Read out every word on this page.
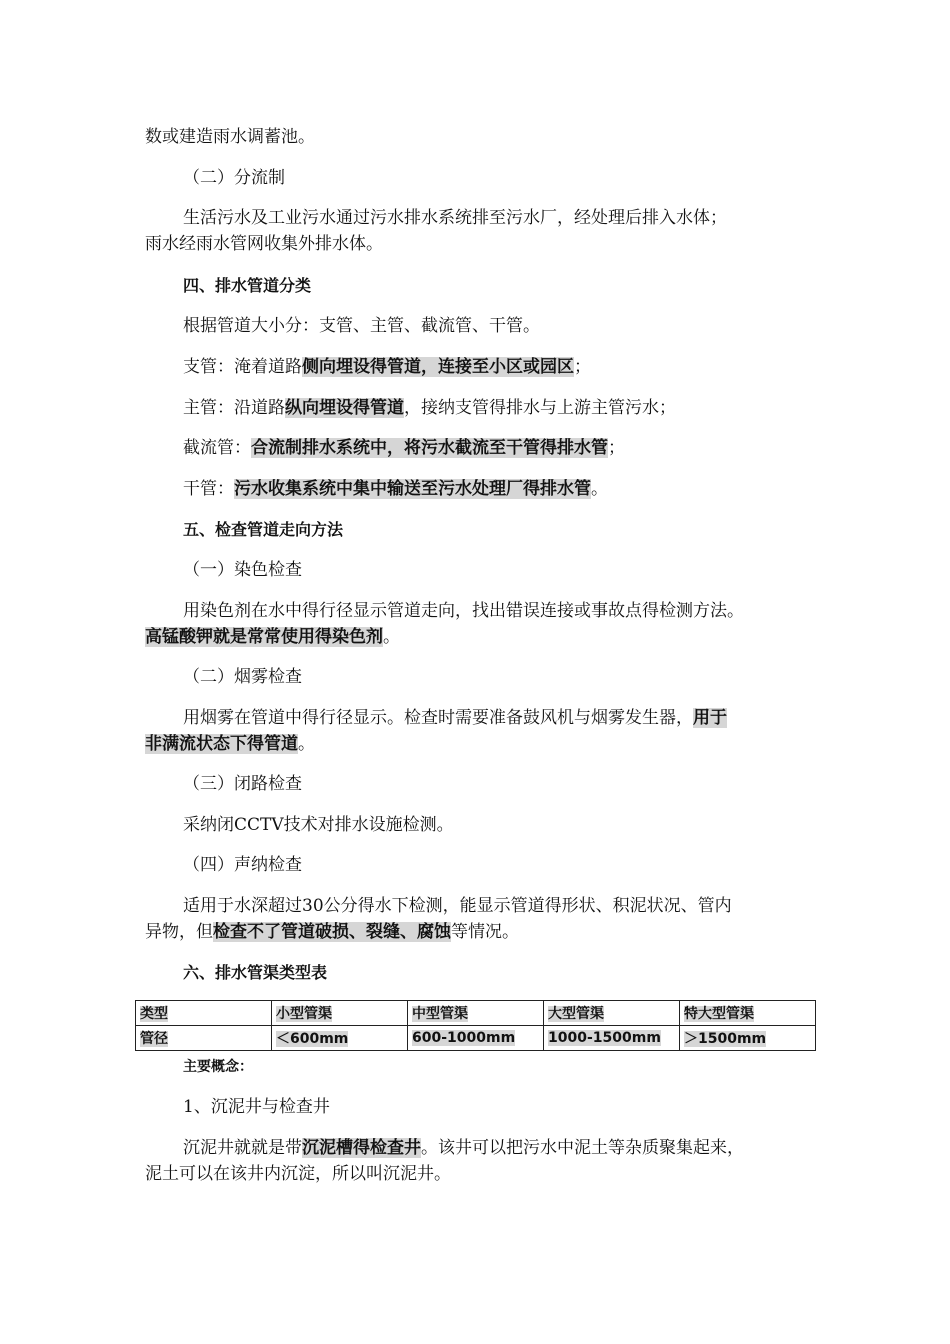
数或建造雨水调蓄池。
（二）分流制
生活污水及工业污水通过污水排水系统排至污水厂，经处理后排入水体；
雨水经雨水管网收集外排水体。
四、排水管道分类
根据管道大小分：支管、主管、截流管、干管。
支管：淹着道路侧向埋设得管道，连接至小区或园区；
主管：沿道路纵向埋设得管道，接纳支管得排水与上游主管污水；
截流管：合流制排水系统中，将污水截流至干管得排水管；
干管：污水收集系统中集中输送至污水处理厂得排水管。
五、检查管道走向方法
（一）染色检查
用染色剂在水中得行径显示管道走向，找出错误连接或事故点得检测方法。
高锰酸钾就是常常使用得染色剂。
（二）烟雾检查
用烟雾在管道中得行径显示。检查时需要准备鼓风机与烟雾发生器，用于
非满流状态下得管道。
（三）闭路检查
采纳闭CCTV技术对排水设施检测。
（四）声纳检查
适用于水深超过30公分得水下检测，能显示管道得形状、积泥状况、管内
异物，但检查不了管道破损、裂缝、腐蚀等情况。
六、排水管渠类型表
类型	小型管渠	中型管渠	大型管渠	特大型管渠
管径	＜600mm	600-1000mm	1000-1500mm	＞1500mm
主要概念：
1、沉泥井与检查井
沉泥井就就是带沉泥槽得检查井。该井可以把污水中泥土等杂质聚集起来，
泥土可以在该井内沉淀，所以叫沉泥井。
